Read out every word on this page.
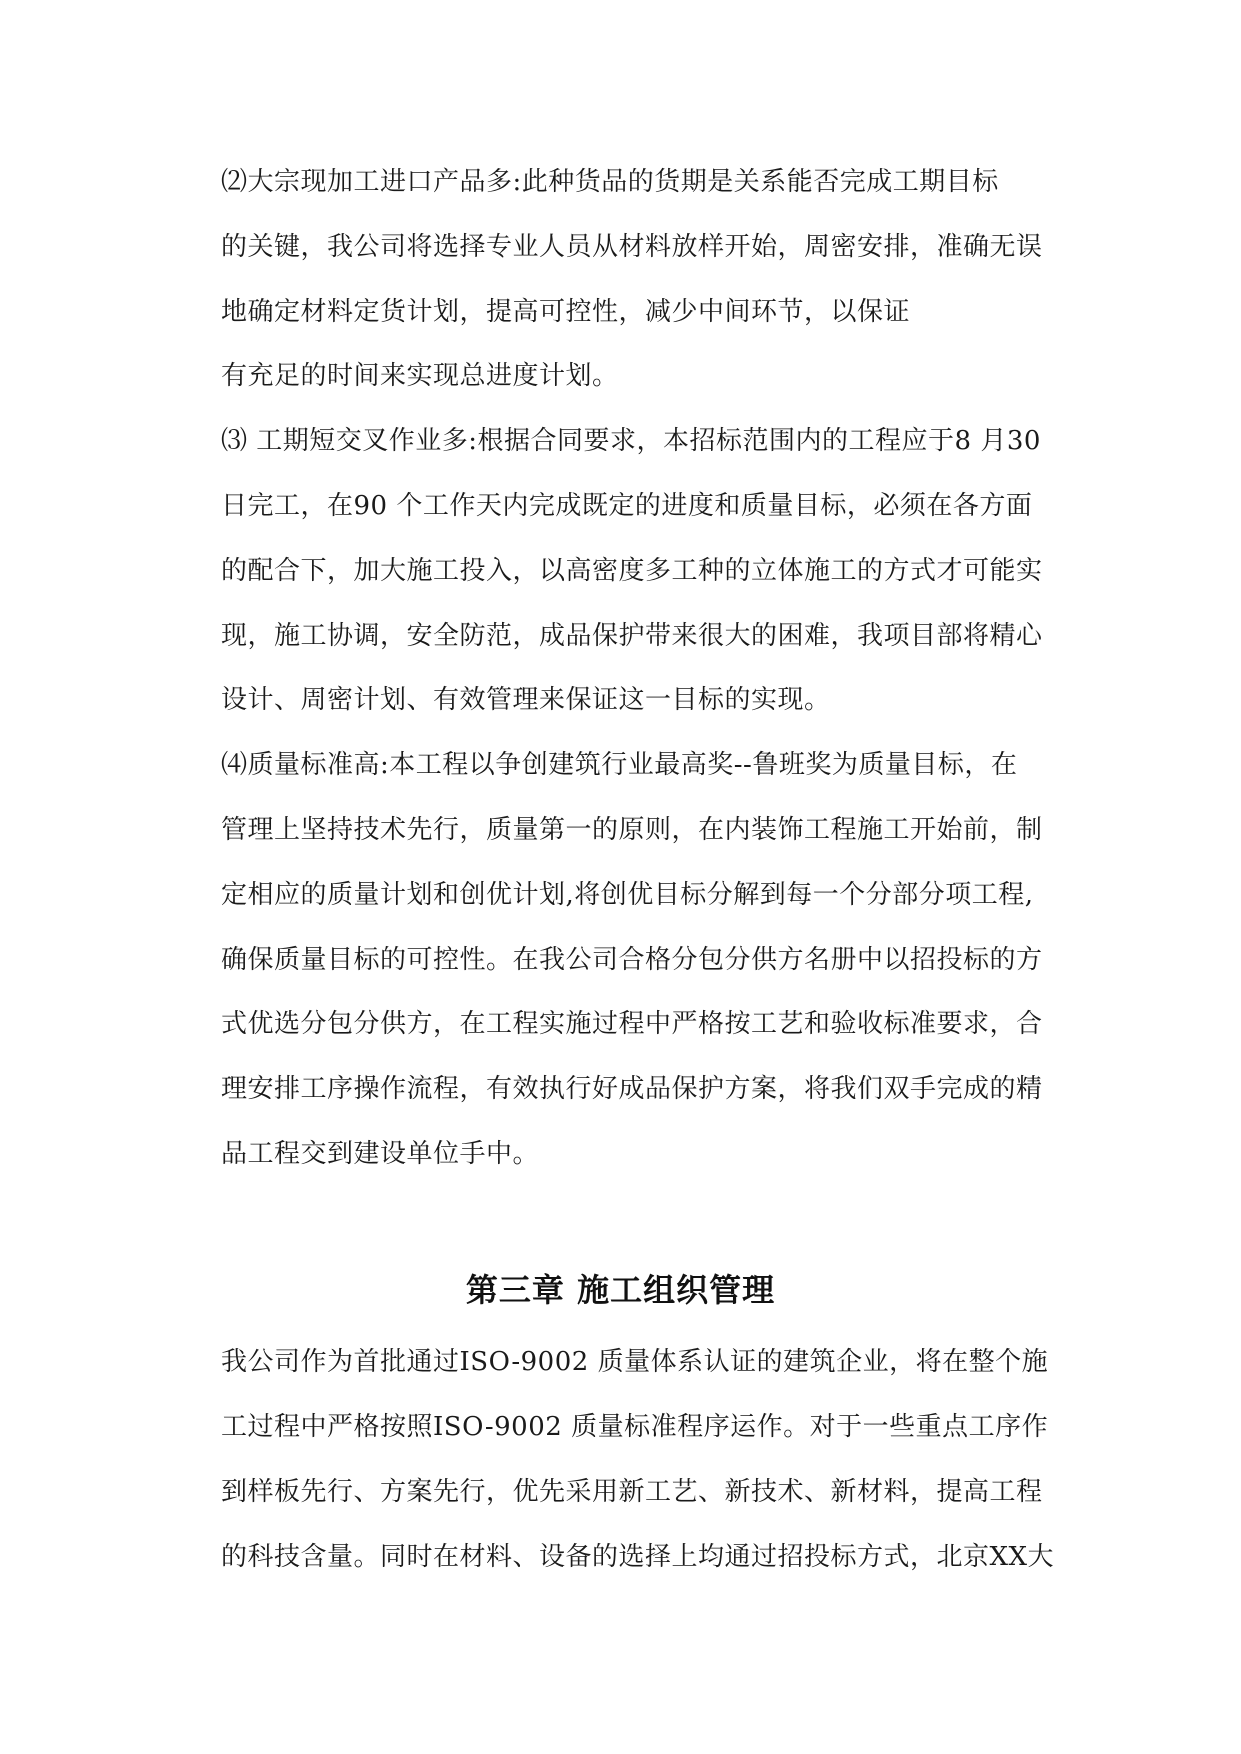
⑵大宗现加工进口产品多:此种货品的货期是关系能否完成工期目标
的关键，我公司将选择专业人员从材料放样开始，周密安排，准确无误
地确定材料定货计划，提高可控性，减少中间环节，以保证
有充足的时间来实现总进度计划。
⑶ 工期短交叉作业多:根据合同要求，本招标范围内的工程应于8 月30
日完工，在90 个工作天内完成既定的进度和质量目标，必须在各方面
的配合下，加大施工投入，以高密度多工种的立体施工的方式才可能实
现，施工协调，安全防范，成品保护带来很大的困难，我项目部将精心
设计、周密计划、有效管理来保证这一目标的实现。
⑷质量标准高:本工程以争创建筑行业最高奖--鲁班奖为质量目标，在
管理上坚持技术先行，质量第一的原则，在内装饰工程施工开始前，制
定相应的质量计划和创优计划,将创优目标分解到每一个分部分项工程,
确保质量目标的可控性。在我公司合格分包分供方名册中以招投标的方
式优选分包分供方，在工程实施过程中严格按工艺和验收标准要求，合
理安排工序操作流程，有效执行好成品保护方案，将我们双手完成的精
品工程交到建设单位手中。
第三章 施工组织管理
我公司作为首批通过ISO-9002 质量体系认证的建筑企业，将在整个施
工过程中严格按照ISO-9002 质量标准程序运作。对于一些重点工序作
到样板先行、方案先行，优先采用新工艺、新技术、新材料，提高工程
的科技含量。同时在材料、设备的选择上均通过招投标方式，北京XX大
